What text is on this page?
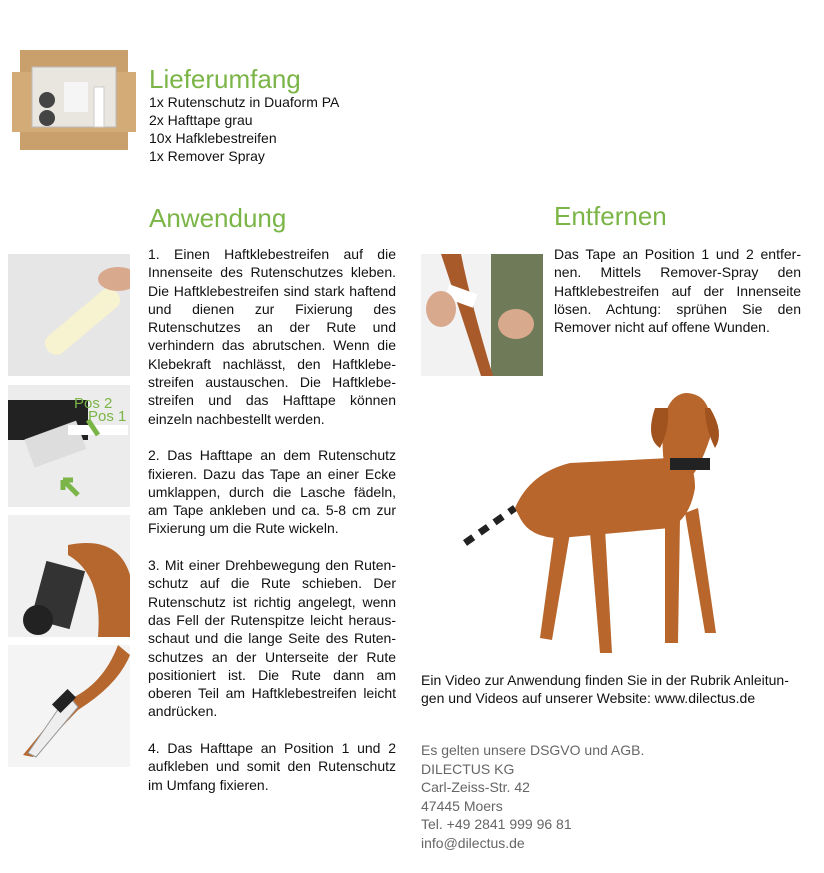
Lieferumfang
1x Rutenschutz in Duaform PA
2x Hafttape grau
10x Hafklebestreifen
1x Remover Spray
Anwendung
Pos 2
Pos 1

1. Einen Haftklebestreifen auf die Innenseite des Rutenschutzes kleben. Die Haftklebestreifen sind stark haftend und dienen zur Fixierung des Rutenschutzes an der Rute und verhindern das abrutschen. Wenn die Klebekraft nachlässt, den Haftklebestreifen austauschen. Die Haftklebestreifen und das Hafttape können einzeln nachbestellt werden.

2. Das Hafttape an dem Rutenschutz fixieren. Dazu das Tape an einer Ecke umklappen, durch die Lasche fädeln, am Tape ankleben und ca. 5-8 cm zur Fixierung um die Rute wickeln.

3. Mit einer Drehbewegung den Rutenschutz auf die Rute schieben. Der Rutenschutz ist richtig angelegt, wenn das Fell der Rutenspitze leicht herausschaut und die lange Seite des Rutenschutzes an der Unterseite der Rute positioniert ist. Die Rute dann am oberen Teil am Haftklebestreifen leicht andrücken.

4. Das Hafttape an Position 1 und 2 aufkleben und somit den Rutenschutz im Umfang fixieren.

Entfernen
Das Tape an Position 1 und 2 entfernen. Mittels Remover-Spray den Haftklebestreifen auf der Innenseite lösen. Achtung: sprühen Sie den Remover nicht auf offene Wunden.
Ein Video zur Anwendung finden Sie in der Rubrik Anleitungen und Videos auf unserer Website: www.dilectus.de
Es gelten unsere DSGVO und AGB.
DILECTUS KG
Carl-Zeiss-Str. 42
47445 Moers
Tel. +49 2841 999 96 81
info@dilectus.de
